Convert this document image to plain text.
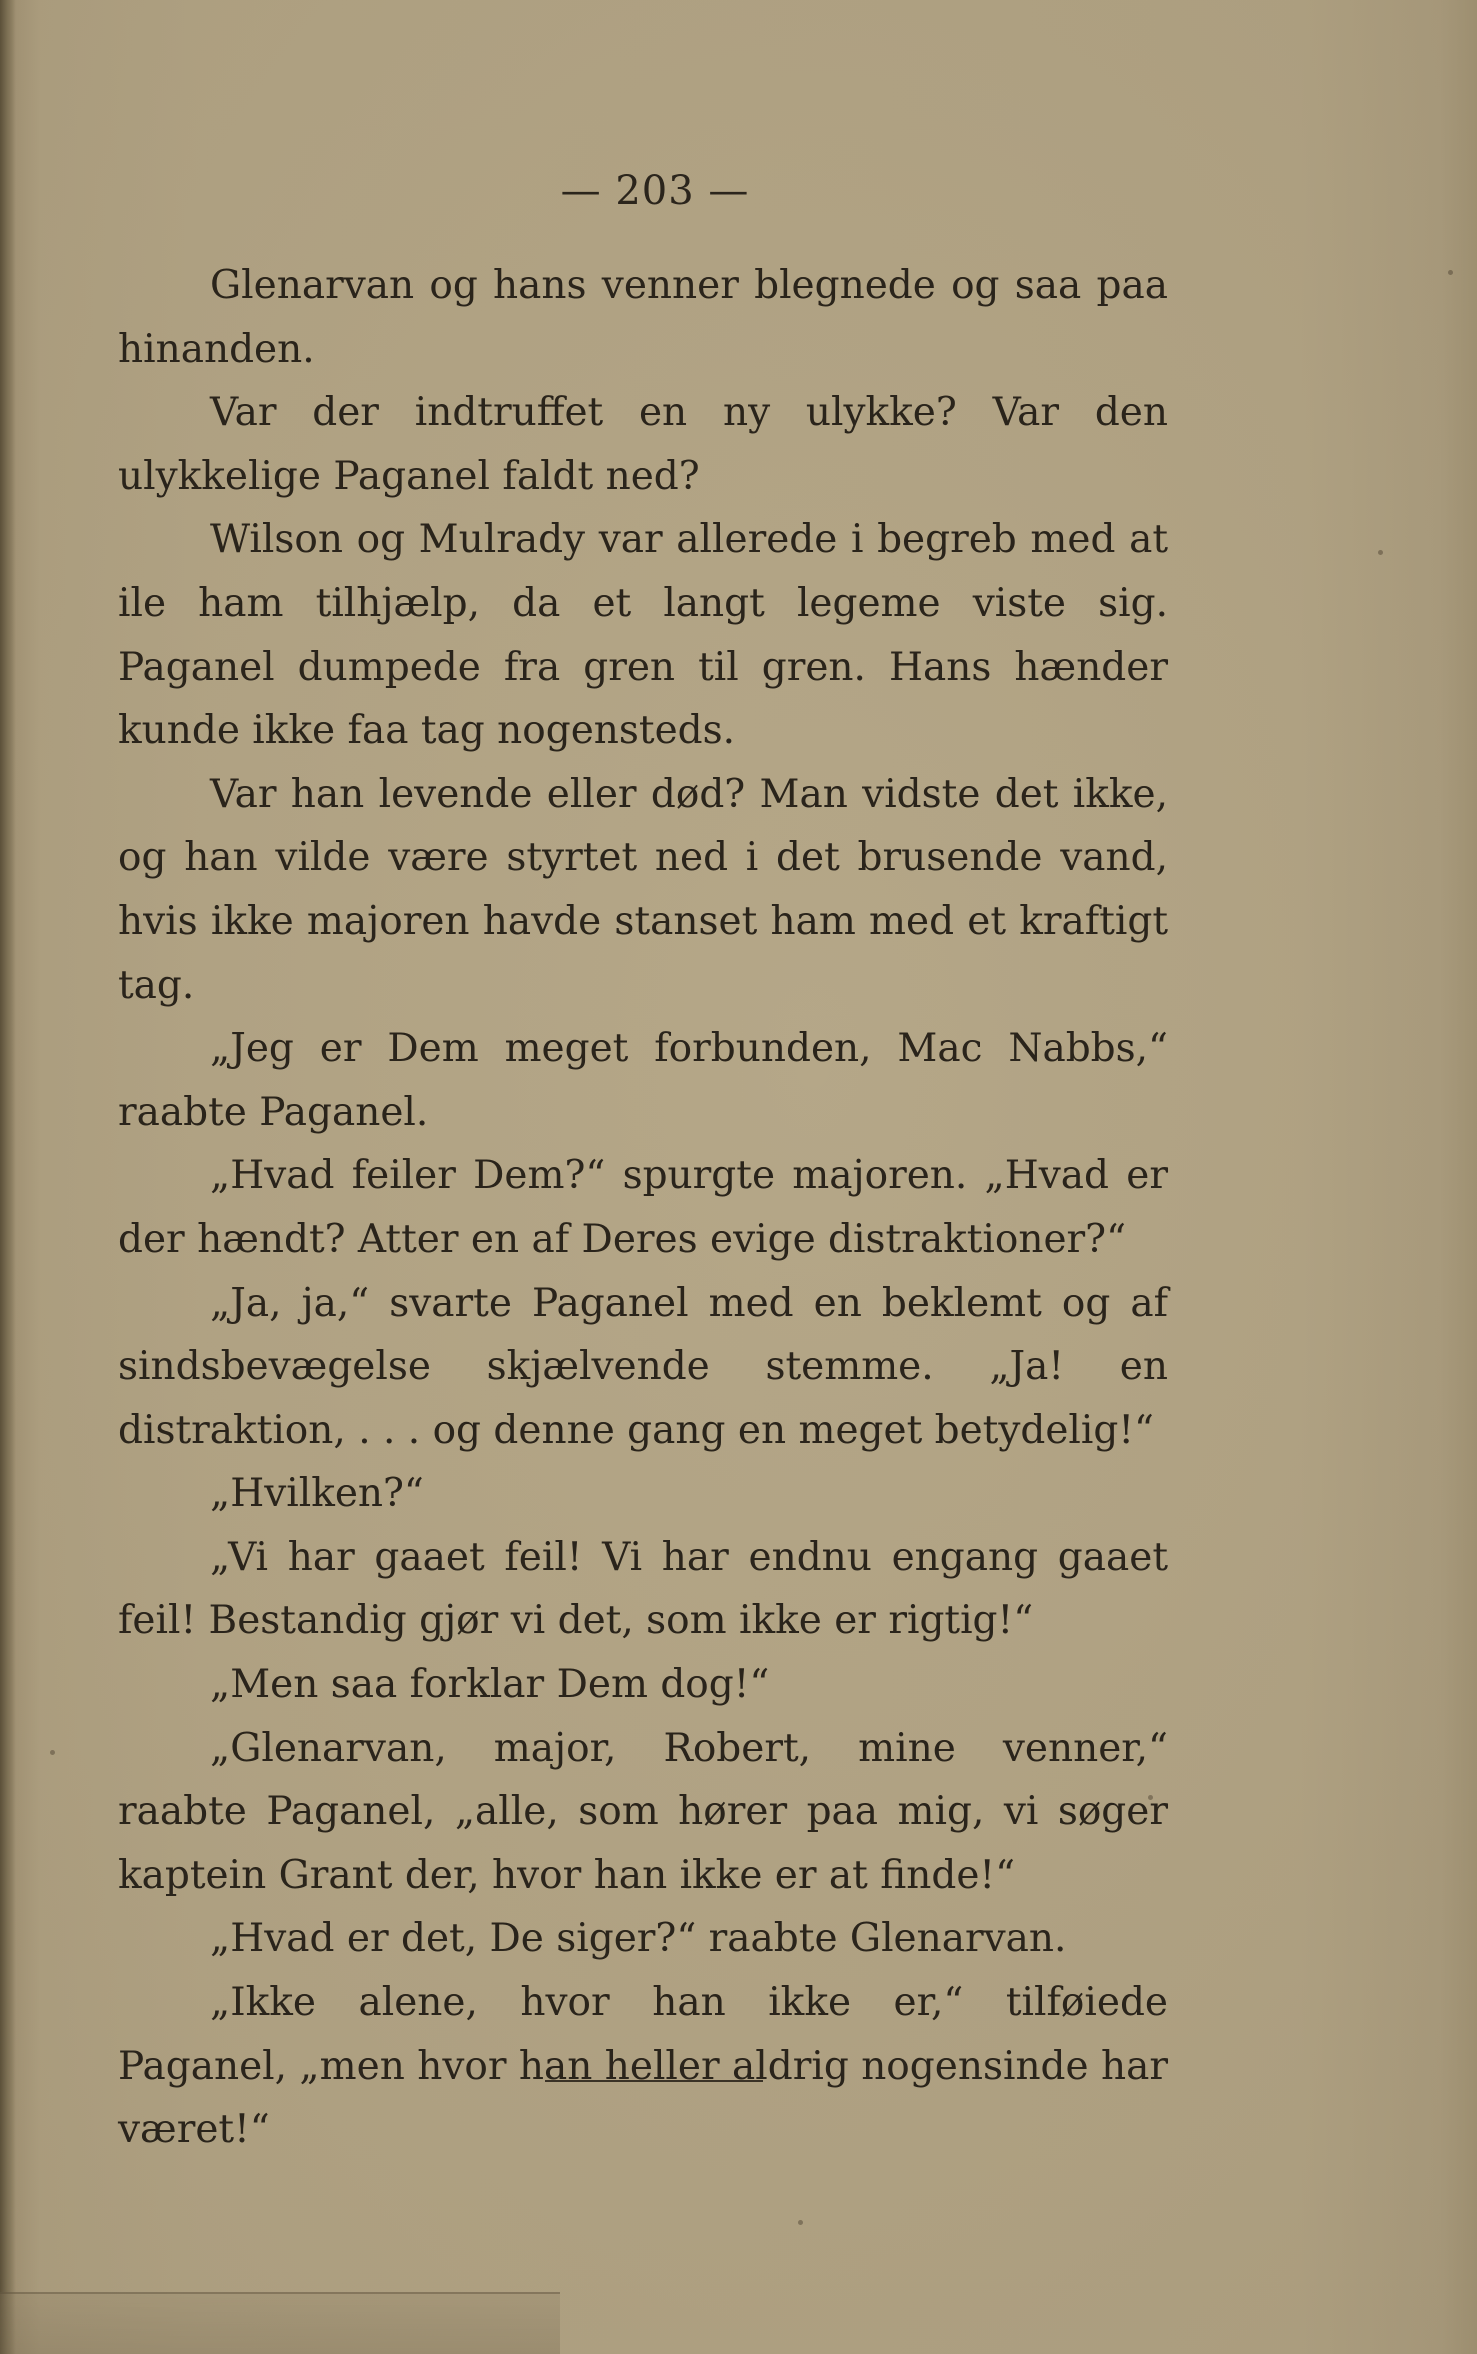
— 203 —

Glenarvan og hans venner blegnede og saa paa hinanden.

Var der indtruffet en ny ulykke? Var den ulykkelige Paganel faldt ned?

Wilson og Mulrady var allerede i begreb med at ile ham tilhjælp, da et langt legeme viste sig. Paganel dumpede fra gren til gren. Hans hænder kunde ikke faa tag nogensteds.

Var han levende eller død? Man vidste det ikke, og han vilde være styrtet ned i det brusende vand, hvis ikke majoren havde stanset ham med et kraftigt tag.

„Jeg er Dem meget forbunden, Mac Nabbs,“ raabte Paganel.

„Hvad feiler Dem?“ spurgte majoren. „Hvad er der hændt? Atter en af Deres evige distraktioner?“

„Ja, ja,“ svarte Paganel med en beklemt og af sindsbevægelse skjælvende stemme. „Ja! en distraktion, . . . og denne gang en meget betydelig!“

„Hvilken?“

„Vi har gaaet feil! Vi har endnu engang gaaet feil! Bestandig gjør vi det, som ikke er rigtig!“

„Men saa forklar Dem dog!“

„Glenarvan, major, Robert, mine venner,“ raabte Paganel, „alle, som hører paa mig, vi søger kaptein Grant der, hvor han ikke er at finde!“

„Hvad er det, De siger?“ raabte Glenarvan.

„Ikke alene, hvor han ikke er,“ tilføiede Paganel, „men hvor han heller aldrig nogensinde har været!“
